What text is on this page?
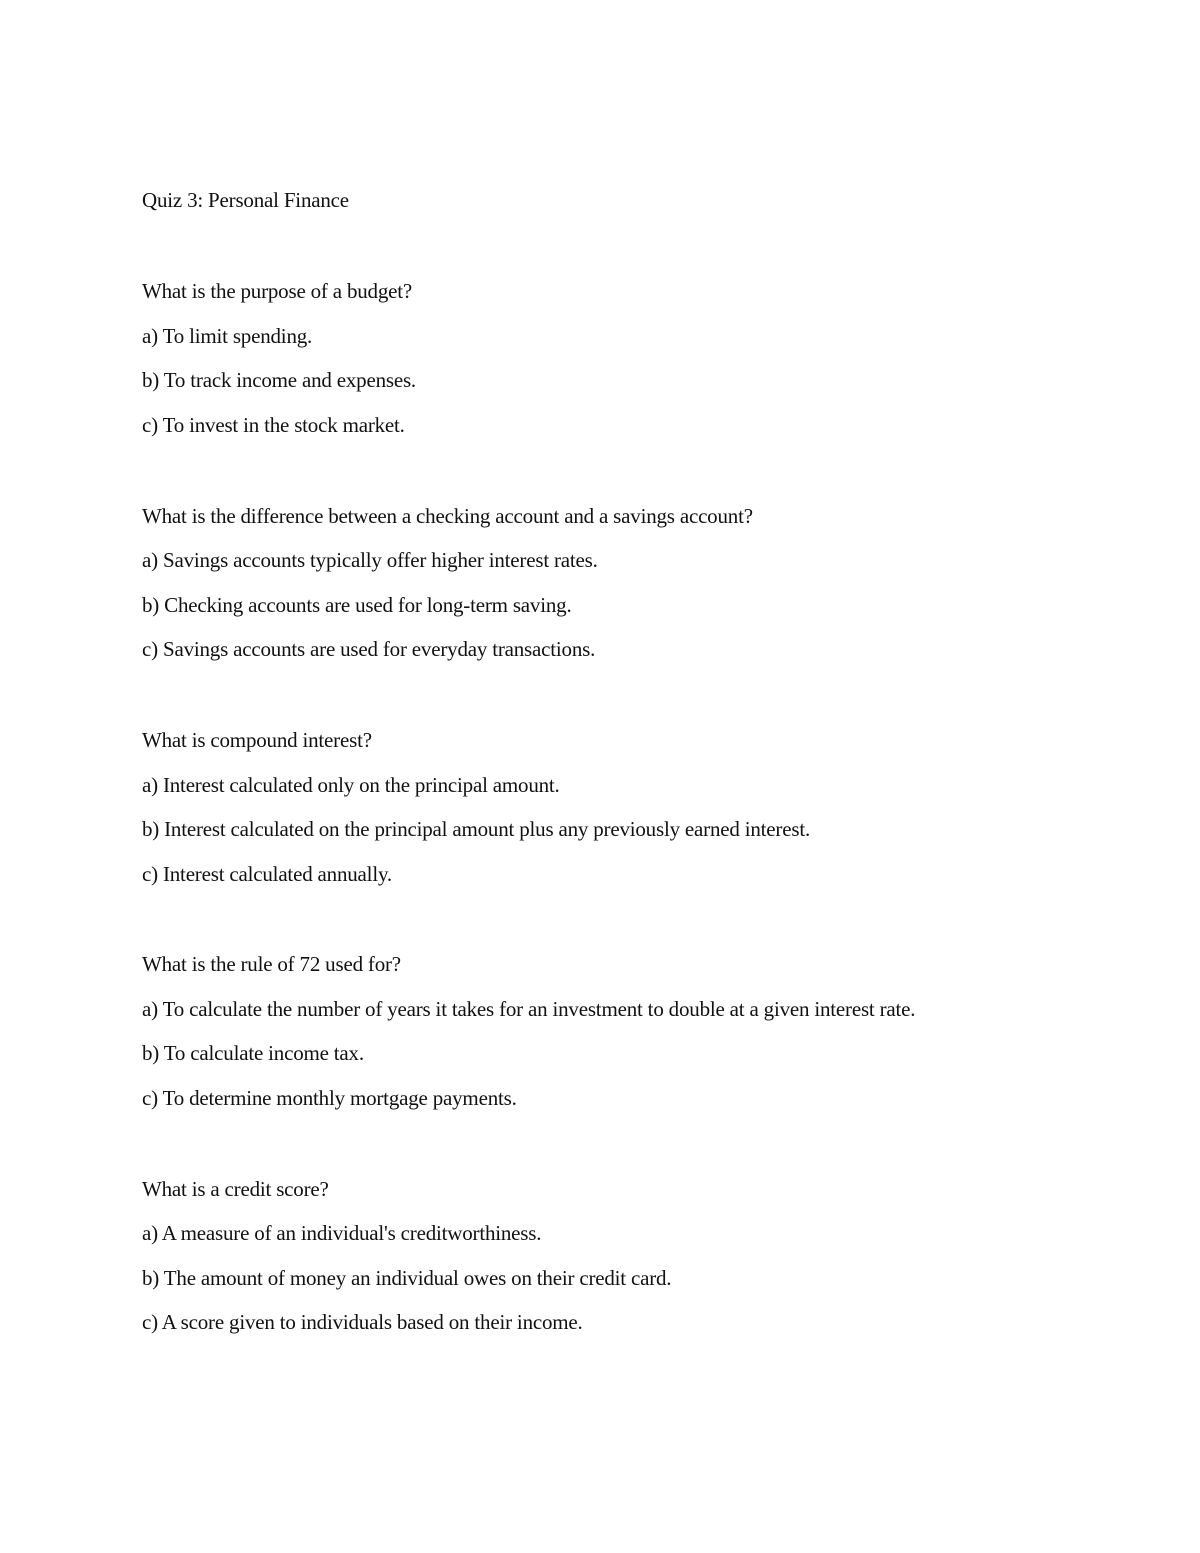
Quiz 3: Personal Finance
What is the purpose of a budget?
a) To limit spending.
b) To track income and expenses.
c) To invest in the stock market.
What is the difference between a checking account and a savings account?
a) Savings accounts typically offer higher interest rates.
b) Checking accounts are used for long-term saving.
c) Savings accounts are used for everyday transactions.
What is compound interest?
a) Interest calculated only on the principal amount.
b) Interest calculated on the principal amount plus any previously earned interest.
c) Interest calculated annually.
What is the rule of 72 used for?
a) To calculate the number of years it takes for an investment to double at a given interest rate.
b) To calculate income tax.
c) To determine monthly mortgage payments.
What is a credit score?
a) A measure of an individual's creditworthiness.
b) The amount of money an individual owes on their credit card.
c) A score given to individuals based on their income.
